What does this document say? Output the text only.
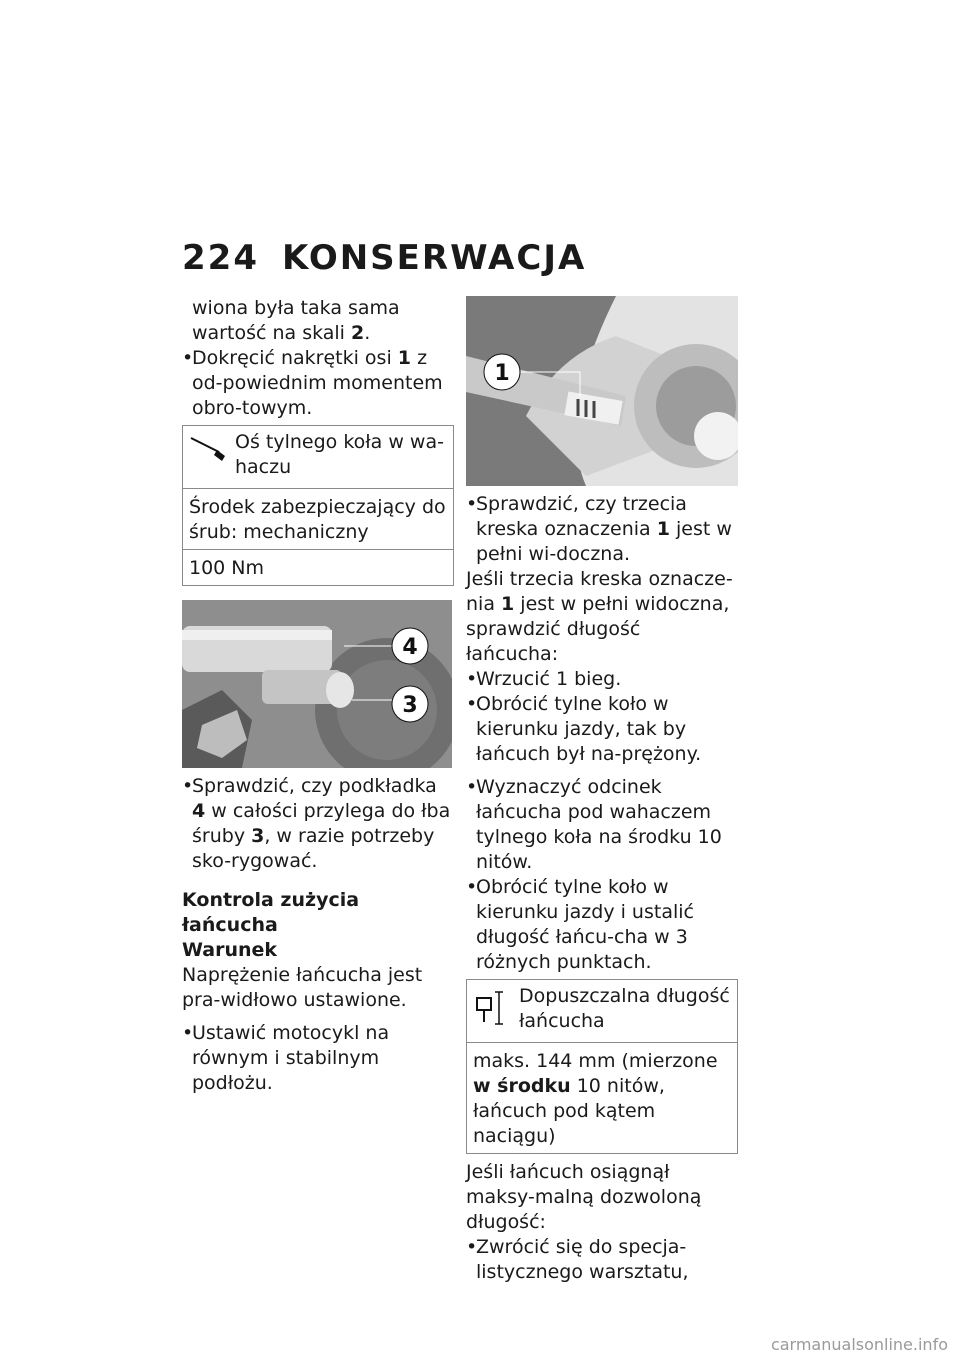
224 KONSERWACJA

wiona była taka sama wartość na skali 2.

• Dokręcić nakrętki osi 1 z od-powiednim momentem obro-towym.

Oś tylnego koła w wa-haczu
Środek zabezpieczający do śrub: mechaniczny
100 Nm
4
3

• Sprawdzić, czy podkładka 4 w całości przylega do łba śruby 3, w razie potrzeby sko-rygować.

Kontrola zużycia łańcucha

Warunek

Naprężenie łańcucha jest pra-widłowo ustawione.

• Ustawić motocykl na równym i stabilnym podłożu.

1

• Sprawdzić, czy trzecia kreska oznaczenia 1 jest w pełni wi-doczna.

Jeśli trzecia kreska oznacze-nia 1 jest w pełni widoczna, sprawdzić długość łańcucha:

• Wrzucić 1 bieg.

• Obrócić tylne koło w kierunku jazdy, tak by łańcuch był na-prężony.

• Wyznaczyć odcinek łańcucha pod wahaczem tylnego koła na środku 10 nitów.

• Obrócić tylne koło w kierunku jazdy i ustalić długość łańcu-cha w 3 różnych punktach.

Dopuszczalna długość łańcucha
maks. 144 mm (mierzone w środku 10 nitów, łańcuch pod kątem naciągu)

Jeśli łańcuch osiągnął maksy-malną dozwoloną długość:

• Zwrócić się do specja-listycznego warsztatu,

carmanualsonline.info
